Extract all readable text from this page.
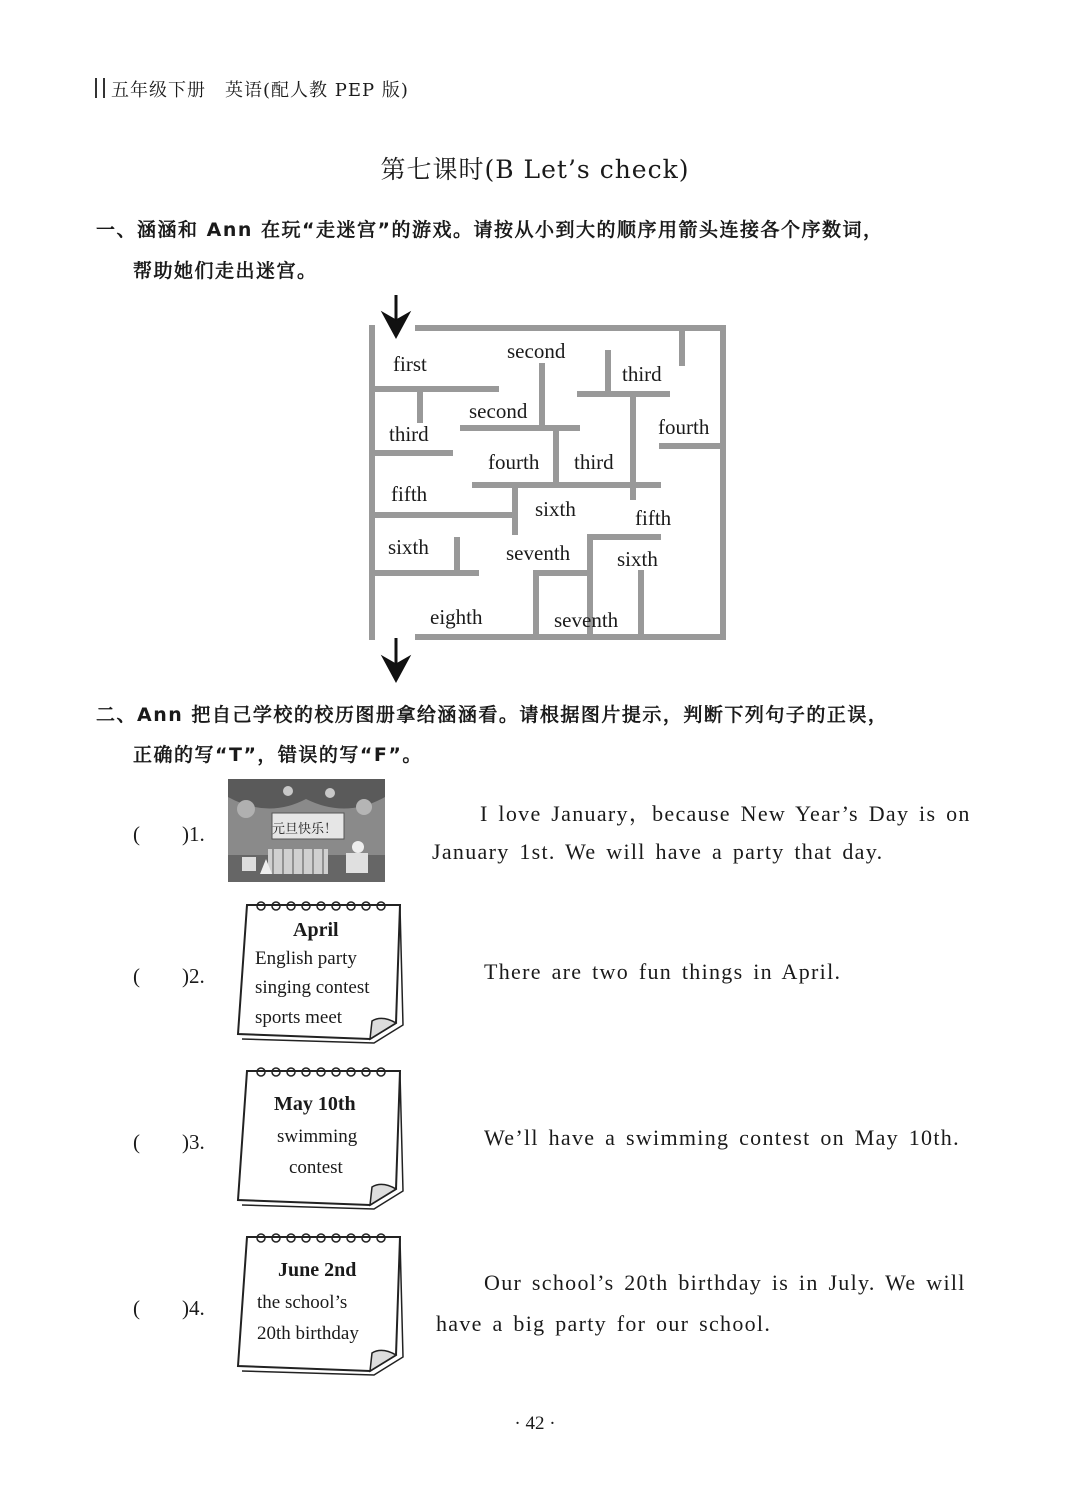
五年级下册　英语(配人教 PEP 版)
第七课时(B Let’s check)
一、涵涵和 Ann 在玩“走迷宫”的游戏。请按从小到大的顺序用箭头连接各个序数词，
帮助她们走出迷宫。
first
second
third
second
third	fourth
fourth third
fifth
sixth	fifth
sixth	seventh sixth
eighth	seventh
二、Ann 把自己学校的校历图册拿给涵涵看。请根据图片提示，判断下列句子的正误，
正确的写“T”，错误的写“F”。
(　　)1.	元旦快乐！
I love January，because New Year’s Day is on
January 1st. We will have a party that day.
(　　)2.
April
English party
singing contest
sports meet
There are two fun things in April.
(　　)3.
May 10th
swimming
contest
We’ll have a swimming contest on May 10th.
(　　)4.
June 2nd
the school’s
20th birthday
Our school’s 20th birthday is in July. We will
have a big party for our school.
· 42 ·
